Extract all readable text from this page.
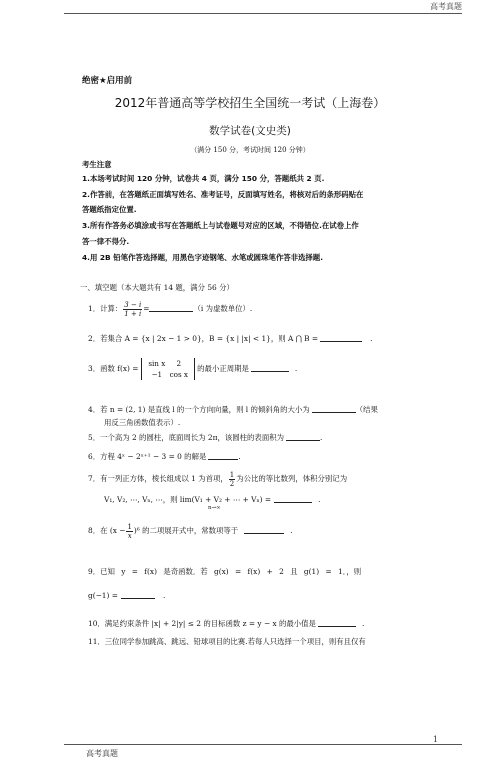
高考真题
绝密★启用前
2012年普通高等学校招生全国统一考试（上海卷）
数学试卷(文史类)
（满分 150 分，考试时间 120 分钟）
考生注意
1.本场考试时间 120 分钟，试卷共 4 页，满分 150 分，答题纸共 2 页.
2.作答前，在答题纸正面填写姓名、准考证号，反面填写姓名，将核对后的条形码贴在
答题纸指定位置.
3.所有作答务必填涂或书写在答题纸上与试卷题号对应的区域，不得错位.在试卷上作
答一律不得分.
4.用 2B 铅笔作答选择题，用黑色字迹钢笔、水笔或圆珠笔作答非选择题.
一、填空题（本大题共有 14 题，满分 56 分）
1．计算： $\frac{3 - i}{1 + i}$ =	（i 为虚数单位）.
2．若集合 A = {x | 2x − 1 > 0}，B = {x | |x| < 1}，则 A ⋂ B =	.
3．函数 f(x) = sin x 2
−1 cos x 的最小正周期是	.
4．若 n = (2, 1) 是直线 l 的一个方向向量，则 l 的倾斜角的大小为	（结果
用反三角函数值表示）.
5．一个高为 2 的圆柱，底面周长为 2π，该圆柱的表面积为	.
6．方程 4ˣ − 2ˣ⁺¹ − 3 = 0 的解是	.
7．有一列正方体，棱长组成以 1 为首项， $\frac{1}{2}$ 为公比的等比数列，体积分别记为
V₁, V₂, ⋯, Vₙ, ⋯，则 lim(V₁ + V₂ + ⋯ + Vₙ) =	.
n→∞
8．在 $(x - \frac{1}{x} )^6$ 的二项展开式中，常数项等于	.
9．已知 y = f(x) 是奇函数．若 g(x) = f(x) + 2 且 g(1) = 1．，则
g(−1) =	.
10．满足约束条件 |x| + 2|y| ≤ 2 的目标函数 z = y − x 的最小值是	.
11．三位同学参加跳高、跳远、铅球项目的比赛.若每人只选择一个项目，则有且仅有
1
高考真题
